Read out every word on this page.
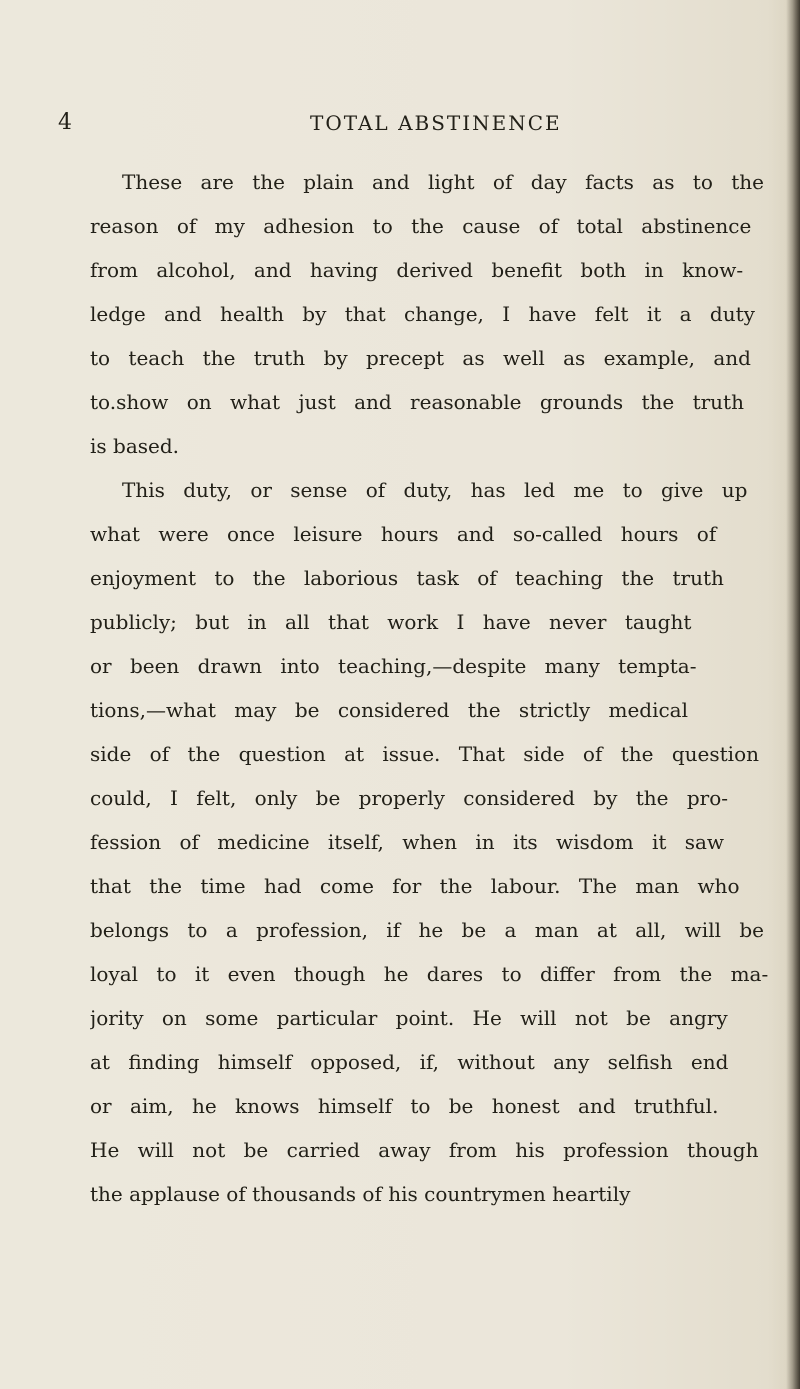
4	TOTAL ABSTINENCE
These are the plain and light of day facts as to the
reason of my adhesion to the cause of total abstinence
from alcohol, and having derived benefit both in know-
ledge and health by that change, I have felt it a duty
to teach the truth by precept as well as example, and
to.show on what just and reasonable grounds the truth
is based.
This duty, or sense of duty, has led me to give up
what were once leisure hours and so-called hours of
enjoyment to the laborious task of teaching the truth
publicly; but in all that work I have never taught
or been drawn into teaching,—despite many tempta-
tions,—what may be considered the strictly medical
side of the question at issue. That side of the question
could, I felt, only be properly considered by the pro-
fession of medicine itself, when in its wisdom it saw
that the time had come for the labour. The man who
belongs to a profession, if he be a man at all, will be
loyal to it even though he dares to differ from the ma-
jority on some particular point. He will not be angry
at finding himself opposed, if, without any selfish end
or aim, he knows himself to be honest and truthful.
He will not be carried away from his profession though
the applause of thousands of his countrymen heartily
